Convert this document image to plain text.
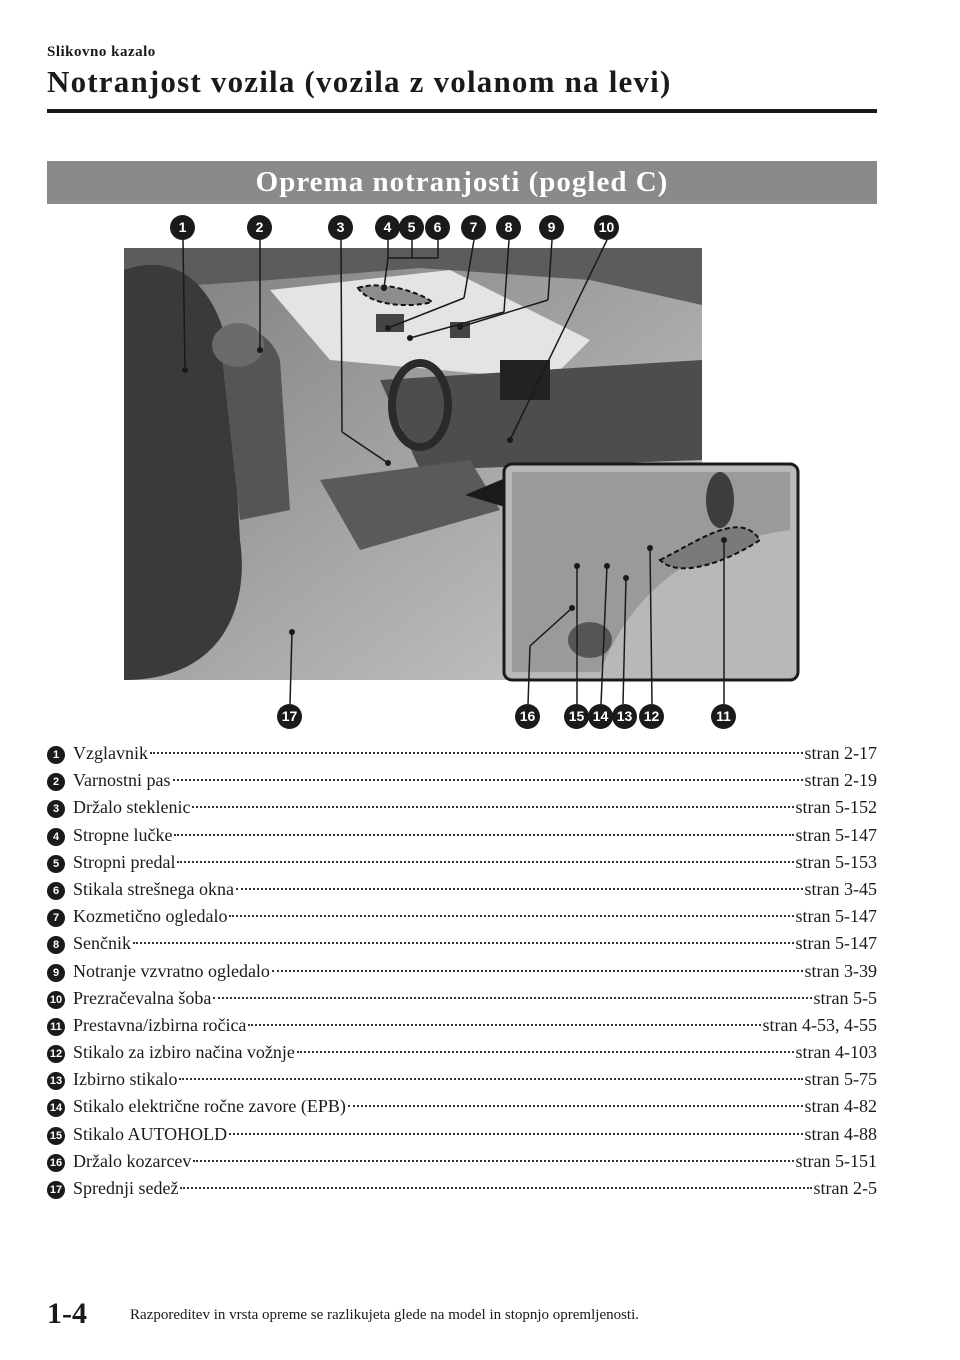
Slikovno kazalo
Notranjost vozila (vozila z volanom na levi)
Oprema notranjosti (pogled C)
1	2	3	4	5	6	7	8	9	10
17	16	15 14 13 12	11
1 Vzglavnik	stran 2-17
2 Varnostni pas	stran 2-19
3 Držalo steklenic	stran 5-152
4 Stropne lučke	stran 5-147
5 Stropni predal	stran 5-153
6 Stikala strešnega okna	stran 3-45
7 Kozmetično ogledalo	stran 5-147
8 Senčnik	stran 5-147
9 Notranje vzvratno ogledalo	stran 3-39
10 Prezračevalna šoba	stran 5-5
11 Prestavna/izbirna ročica	stran 4-53, 4-55
12 Stikalo za izbiro načina vožnje	stran 4-103
13 Izbirno stikalo	stran 5-75
14 Stikalo električne ročne zavore (EPB)	stran 4-82
15 Stikalo AUTOHOLD	stran 4-88
16 Držalo kozarcev	stran 5-151
17 Sprednji sedež	stran 2-5
1-4	Razporeditev in vrsta opreme se razlikujeta glede na model in stopnjo opremljenosti.
